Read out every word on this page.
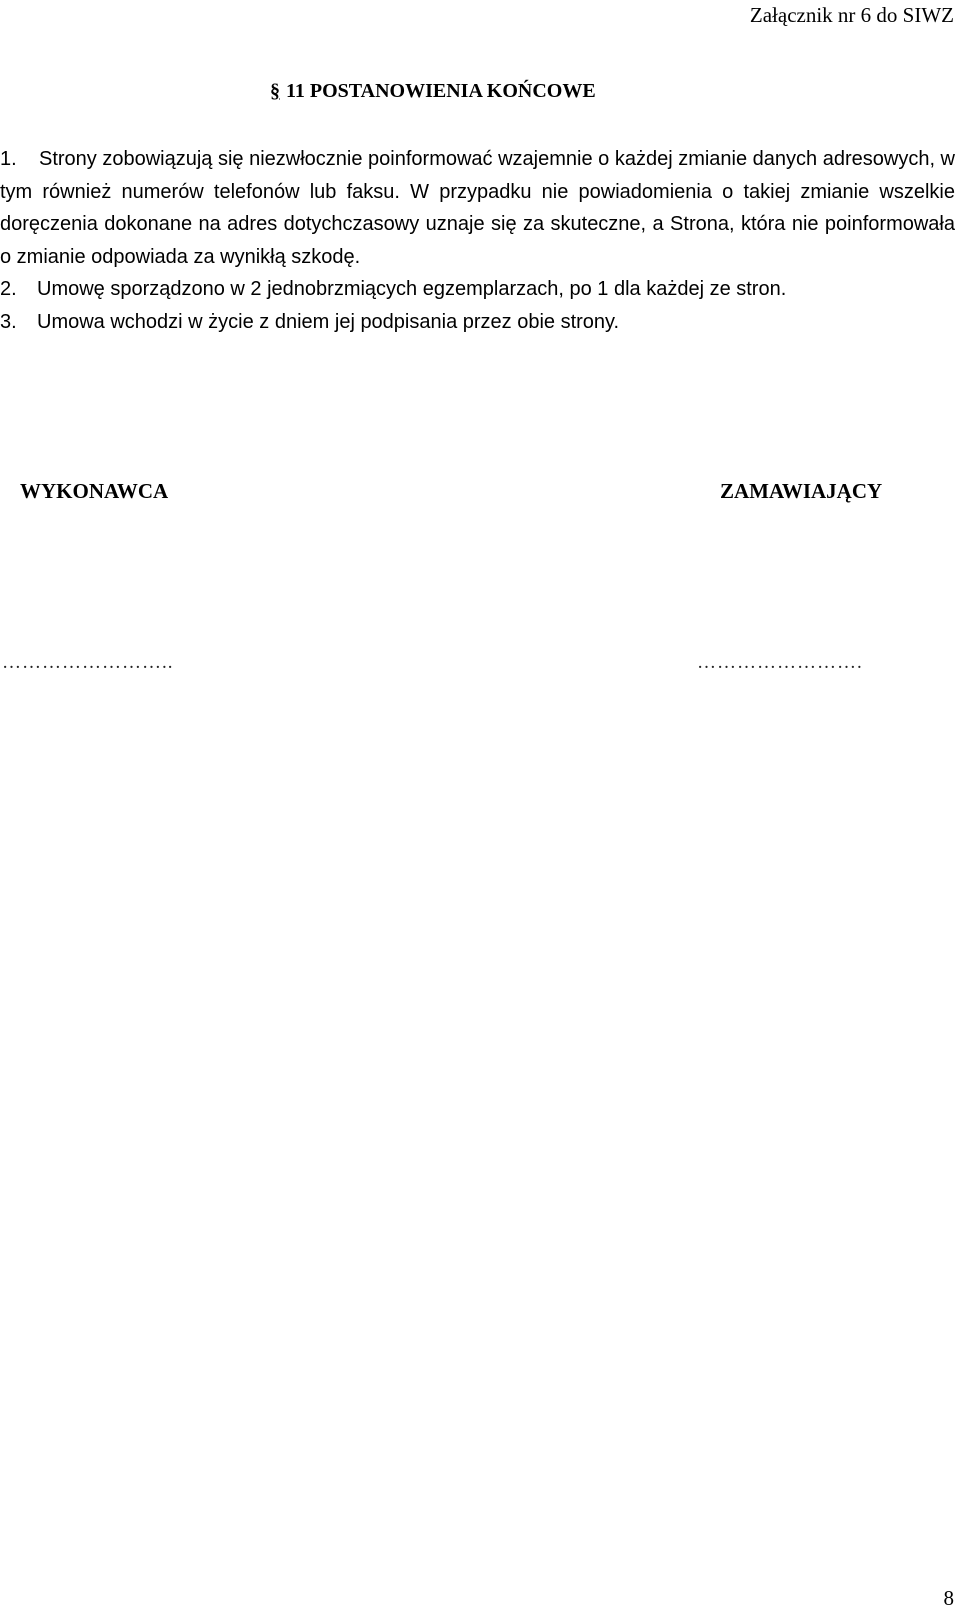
Załącznik nr 6 do SIWZ
§ 11 POSTANOWIENIA KOŃCOWE
1. Strony zobowiązują się niezwłocznie poinformować wzajemnie o każdej zmianie danych adresowych, w tym również numerów telefonów lub faksu. W przypadku nie powiadomienia o takiej zmianie wszelkie doręczenia dokonane na adres dotychczasowy uznaje się za skuteczne, a Strona, która nie poinformowała o zmianie odpowiada za wynikłą szkodę.
2. Umowę sporządzono w 2 jednobrzmiących egzemplarzach, po 1 dla każdej ze stron.
3. Umowa wchodzi w życie z dniem jej podpisania przez obie strony.
WYKONAWCA	ZAMAWIAJĄCY
……………………..	…………………….
8
